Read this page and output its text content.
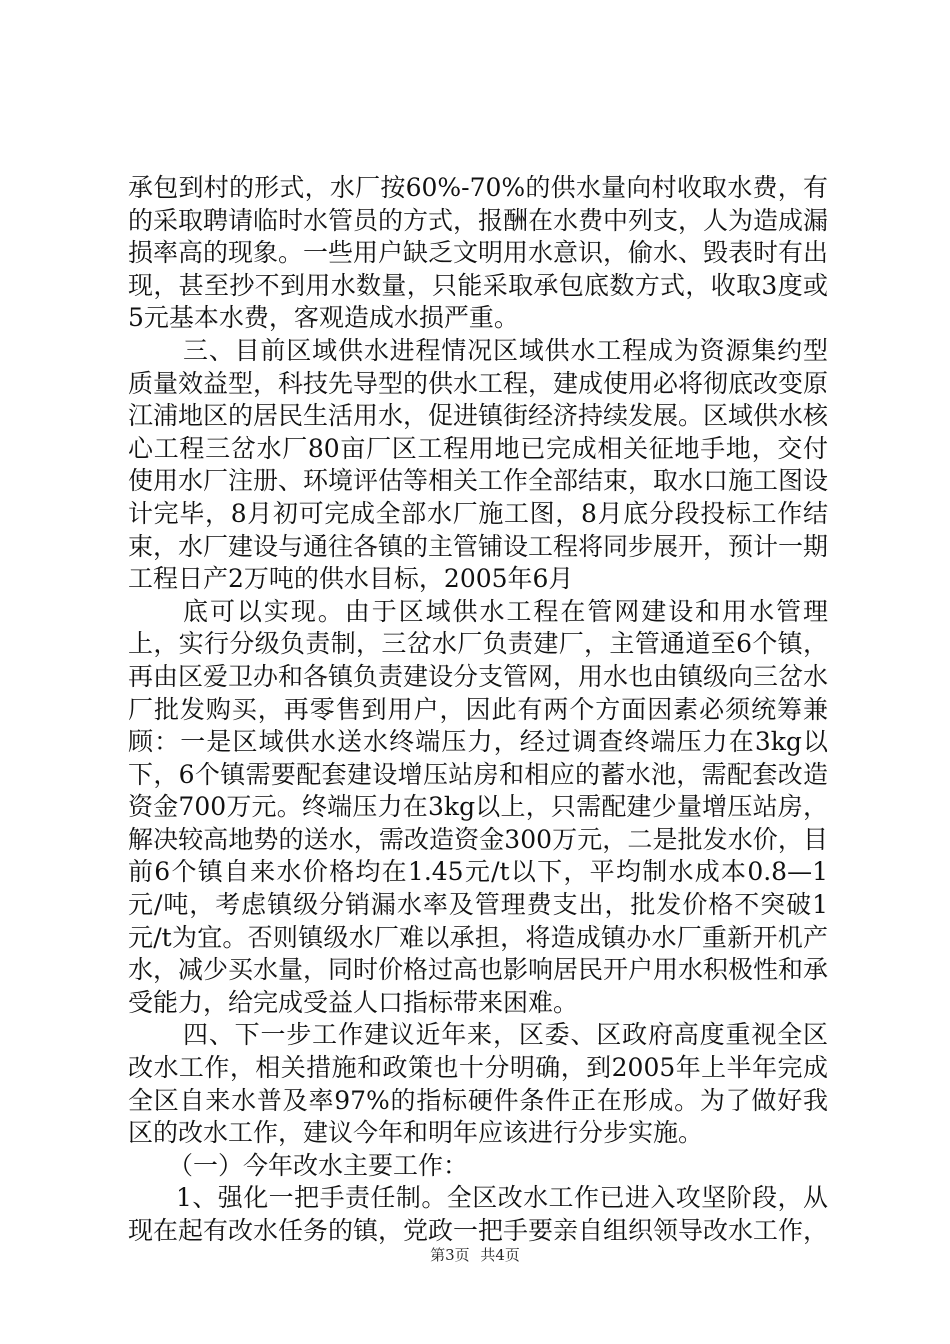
承包到村的形式，水厂按60%-70%的供水量向村收取水费，有的采取聘请临时水管员的方式，报酬在水费中列支，人为造成漏损率高的现象。一些用户缺乏文明用水意识，偷水、毁表时有出现，甚至抄不到用水数量，只能采取承包底数方式，收取3度或5元基本水费，客观造成水损严重。

三、目前区域供水进程情况区域供水工程成为资源集约型质量效益型，科技先导型的供水工程，建成使用必将彻底改变原江浦地区的居民生活用水，促进镇街经济持续发展。区域供水核心工程三岔水厂80亩厂区工程用地已完成相关征地手地，交付使用水厂注册、环境评估等相关工作全部结束，取水口施工图设计完毕，8月初可完成全部水厂施工图，8月底分段投标工作结束，水厂建设与通往各镇的主管铺设工程将同步展开，预计一期工程日产2万吨的供水目标，2005年6月

底可以实现。由于区域供水工程在管网建设和用水管理上，实行分级负责制，三岔水厂负责建厂，主管通道至6个镇，再由区爱卫办和各镇负责建设分支管网，用水也由镇级向三岔水厂批发购买，再零售到用户，因此有两个方面因素必须统筹兼顾：一是区域供水送水终端压力，经过调查终端压力在3kg以下，6个镇需要配套建设增压站房和相应的蓄水池，需配套改造资金700万元。终端压力在3kg以上，只需配建少量增压站房，解决较高地势的送水，需改造资金300万元，二是批发水价，目前6个镇自来水价格均在1.45元/t以下，平均制水成本0.8—1元/吨，考虑镇级分销漏水率及管理费支出，批发价格不突破1元/t为宜。否则镇级水厂难以承担，将造成镇办水厂重新开机产水，减少买水量，同时价格过高也影响居民开户用水积极性和承受能力，给完成受益人口指标带来困难。

四、下一步工作建议近年来，区委、区政府高度重视全区改水工作，相关措施和政策也十分明确，到2005年上半年完成全区自来水普及率97%的指标硬件条件正在形成。为了做好我区的改水工作，建议今年和明年应该进行分步实施。

（一）今年改水主要工作：

1、强化一把手责任制。全区改水工作已进入攻坚阶段，从现在起有改水任务的镇，党政一把手要亲自组织领导改水工作，

第3页 共4页
